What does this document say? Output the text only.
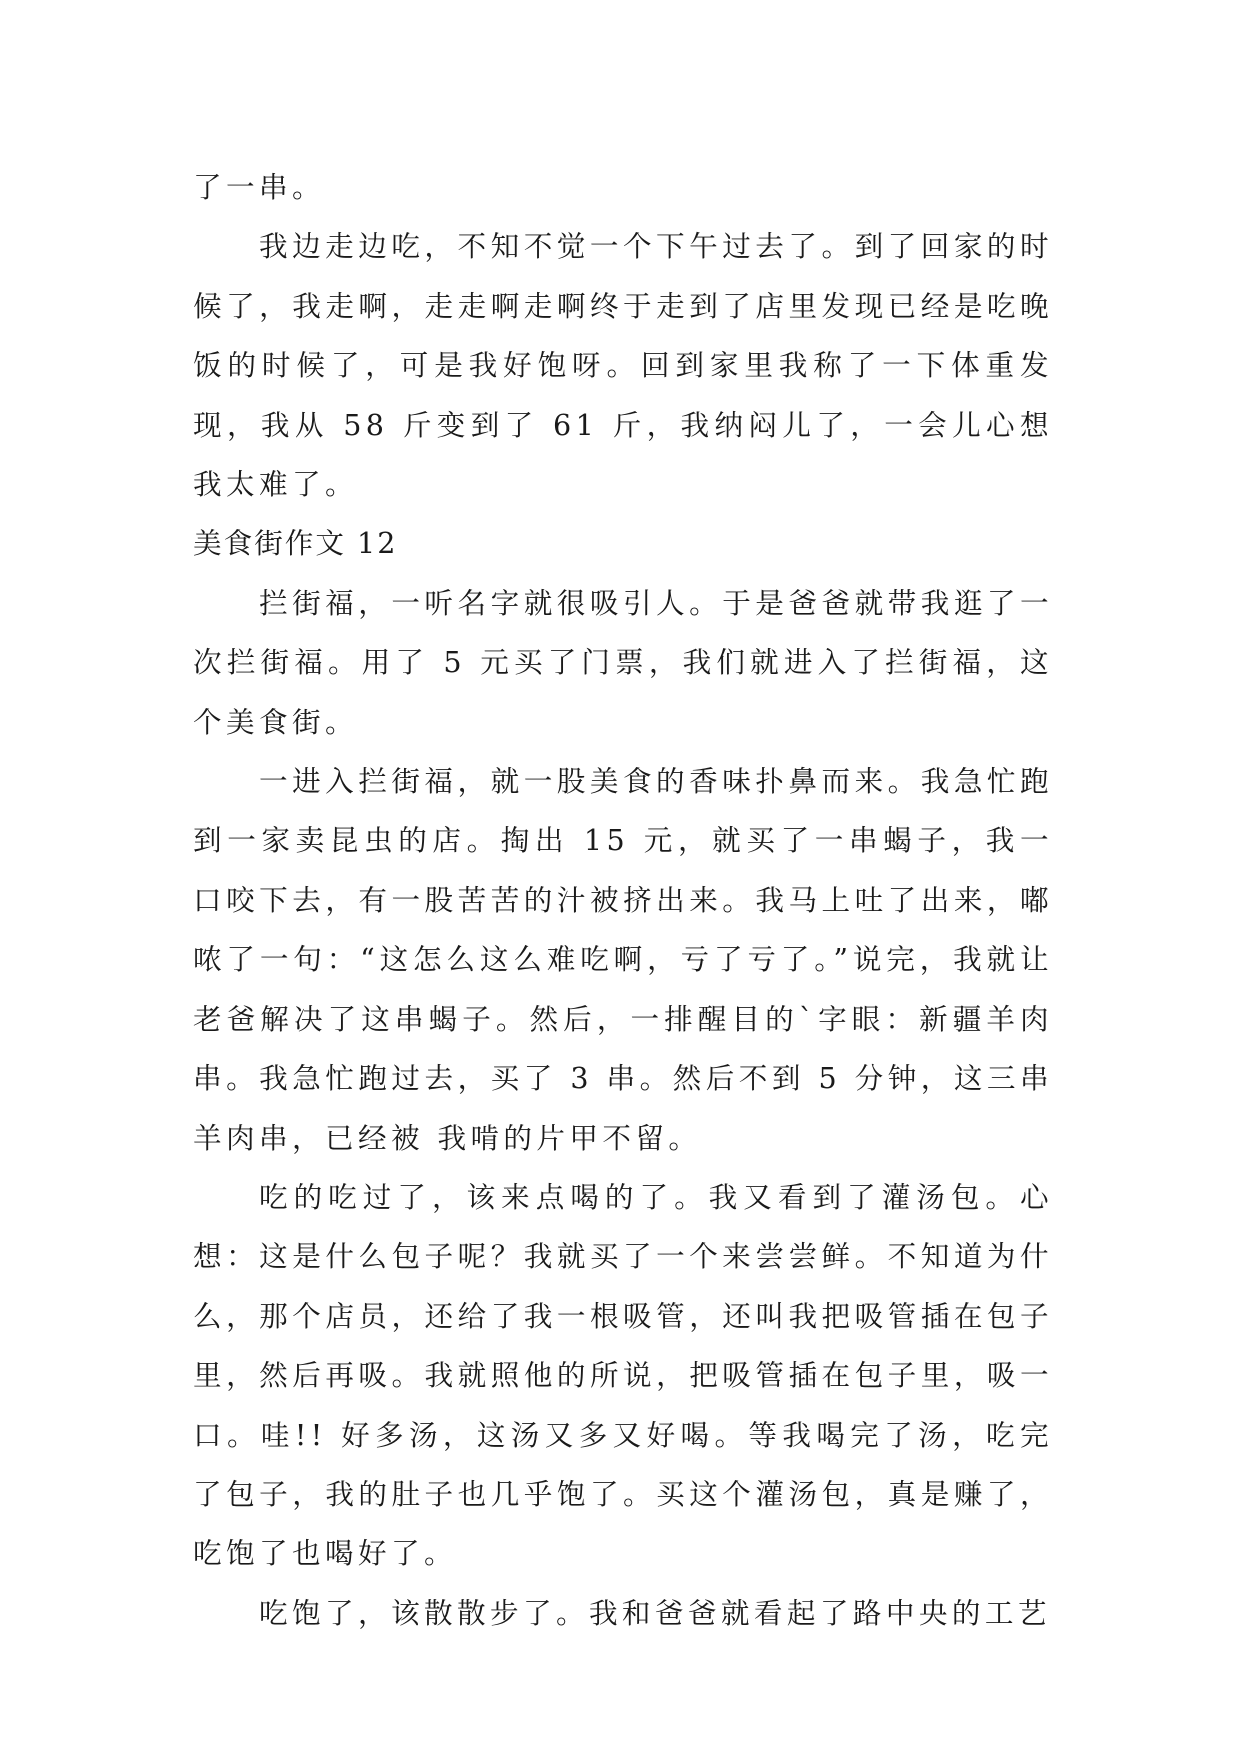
了一串。

我边走边吃，不知不觉一个下午过去了。到了回家的时候了，我走啊，走走啊走啊终于走到了店里发现已经是吃晚饭的时候了，可是我好饱呀。回到家里我称了一下体重发现，我从 58 斤变到了 61 斤，我纳闷儿了，一会儿心想我太难了。

美食街作文 12

拦街福，一听名字就很吸引人。于是爸爸就带我逛了一次拦街福。用了 5 元买了门票，我们就进入了拦街福，这个美食街。

一进入拦街福，就一股美食的香味扑鼻而来。我急忙跑到一家卖昆虫的店。掏出 15 元，就买了一串蝎子，我一口咬下去，有一股苦苦的汁被挤出来。我马上吐了出来，嘟哝了一句：“这怎么这么难吃啊，亏了亏了。”说完，我就让老爸解决了这串蝎子。然后，一排醒目的`字眼：新疆羊肉串。我急忙跑过去，买了 3 串。然后不到 5 分钟，这三串羊肉串，已经被 我啃的片甲不留。

吃的吃过了，该来点喝的了。我又看到了灌汤包。心想：这是什么包子呢？我就买了一个来尝尝鲜。不知道为什么，那个店员，还给了我一根吸管，还叫我把吸管插在包子里，然后再吸。我就照他的所说，把吸管插在包子里，吸一口。哇!! 好多汤，这汤又多又好喝。等我喝完了汤，吃完了包子，我的肚子也几乎饱了。买这个灌汤包，真是赚了，吃饱了也喝好了。

吃饱了，该散散步了。我和爸爸就看起了路中央的工艺
